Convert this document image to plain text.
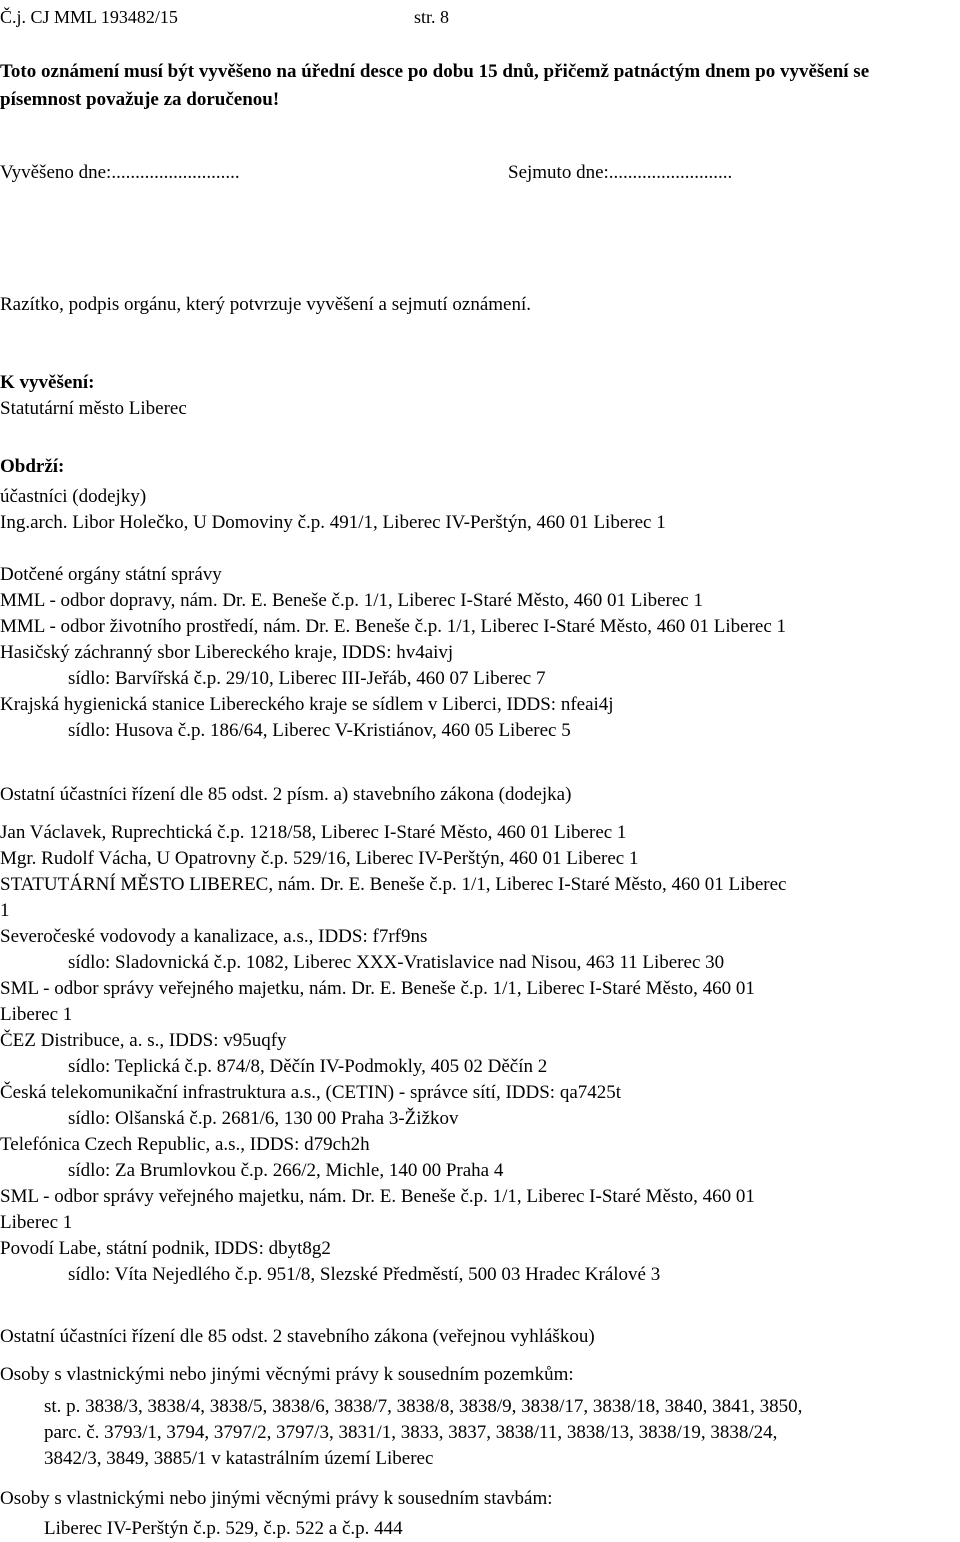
Č.j. CJ MML 193482/15	str. 8
Toto oznámení musí být vyvěšeno na úřední desce po dobu 15 dnů, přičemž patnáctým dnem po vyvěšení se písemnost považuje za doručenou!
Vyvěšeno dne:...........................	Sejmuto dne:..........................
Razítko, podpis orgánu, který potvrzuje vyvěšení a sejmutí oznámení.
K vyvěšení:
Statutární město Liberec
Obdrží:
účastníci (dodejky)
Ing.arch. Libor Holečko, U Domoviny č.p. 491/1, Liberec IV-Perštýn, 460 01 Liberec 1
Dotčené orgány státní správy
MML - odbor dopravy, nám. Dr. E. Beneše č.p. 1/1, Liberec I-Staré Město, 460 01 Liberec 1
MML - odbor životního prostředí, nám. Dr. E. Beneše č.p. 1/1, Liberec I-Staré Město, 460 01 Liberec 1
Hasičský záchranný sbor Libereckého kraje, IDDS: hv4aivj
sídlo: Barvířská č.p. 29/10, Liberec III-Jeřáb, 460 07 Liberec 7
Krajská hygienická stanice Libereckého kraje se sídlem v Liberci, IDDS: nfeai4j
sídlo: Husova č.p. 186/64, Liberec V-Kristiánov, 460 05 Liberec 5
Ostatní účastníci řízení dle 85 odst. 2 písm. a) stavebního zákona (dodejka)
Jan Václavek, Ruprechtická č.p. 1218/58, Liberec I-Staré Město, 460 01 Liberec 1
Mgr. Rudolf Vácha, U Opatrovny č.p. 529/16, Liberec IV-Perštýn, 460 01 Liberec 1
STATUTÁRNÍ MĚSTO LIBEREC, nám. Dr. E. Beneše č.p. 1/1, Liberec I-Staré Město, 460 01 Liberec
1
Severočeské vodovody a kanalizace, a.s., IDDS: f7rf9ns
sídlo: Sladovnická č.p. 1082, Liberec XXX-Vratislavice nad Nisou, 463 11 Liberec 30
SML - odbor správy veřejného majetku, nám. Dr. E. Beneše č.p. 1/1, Liberec I-Staré Město, 460 01
Liberec 1
ČEZ Distribuce, a. s., IDDS: v95uqfy
sídlo: Teplická č.p. 874/8, Děčín IV-Podmokly, 405 02 Děčín 2
Česká telekomunikační infrastruktura a.s., (CETIN) - správce sítí, IDDS: qa7425t
sídlo: Olšanská č.p. 2681/6, 130 00 Praha 3-Žižkov
Telefónica Czech Republic, a.s., IDDS: d79ch2h
sídlo: Za Brumlovkou č.p. 266/2, Michle, 140 00 Praha 4
SML - odbor správy veřejného majetku, nám. Dr. E. Beneše č.p. 1/1, Liberec I-Staré Město, 460 01
Liberec 1
Povodí Labe, státní podnik, IDDS: dbyt8g2
sídlo: Víta Nejedlého č.p. 951/8, Slezské Předměstí, 500 03 Hradec Králové 3
Ostatní účastníci řízení dle 85 odst. 2 stavebního zákona (veřejnou vyhláškou)
Osoby s vlastnickými nebo jinými věcnými právy k sousedním pozemkům:
st. p. 3838/3, 3838/4, 3838/5, 3838/6, 3838/7, 3838/8, 3838/9, 3838/17, 3838/18, 3840, 3841, 3850,
parc. č. 3793/1, 3794, 3797/2, 3797/3, 3831/1, 3833, 3837, 3838/11, 3838/13, 3838/19, 3838/24,
3842/3, 3849, 3885/1 v katastrálním území Liberec
Osoby s vlastnickými nebo jinými věcnými právy k sousedním stavbám:
Liberec IV-Perštýn č.p. 529, č.p. 522 a č.p. 444
